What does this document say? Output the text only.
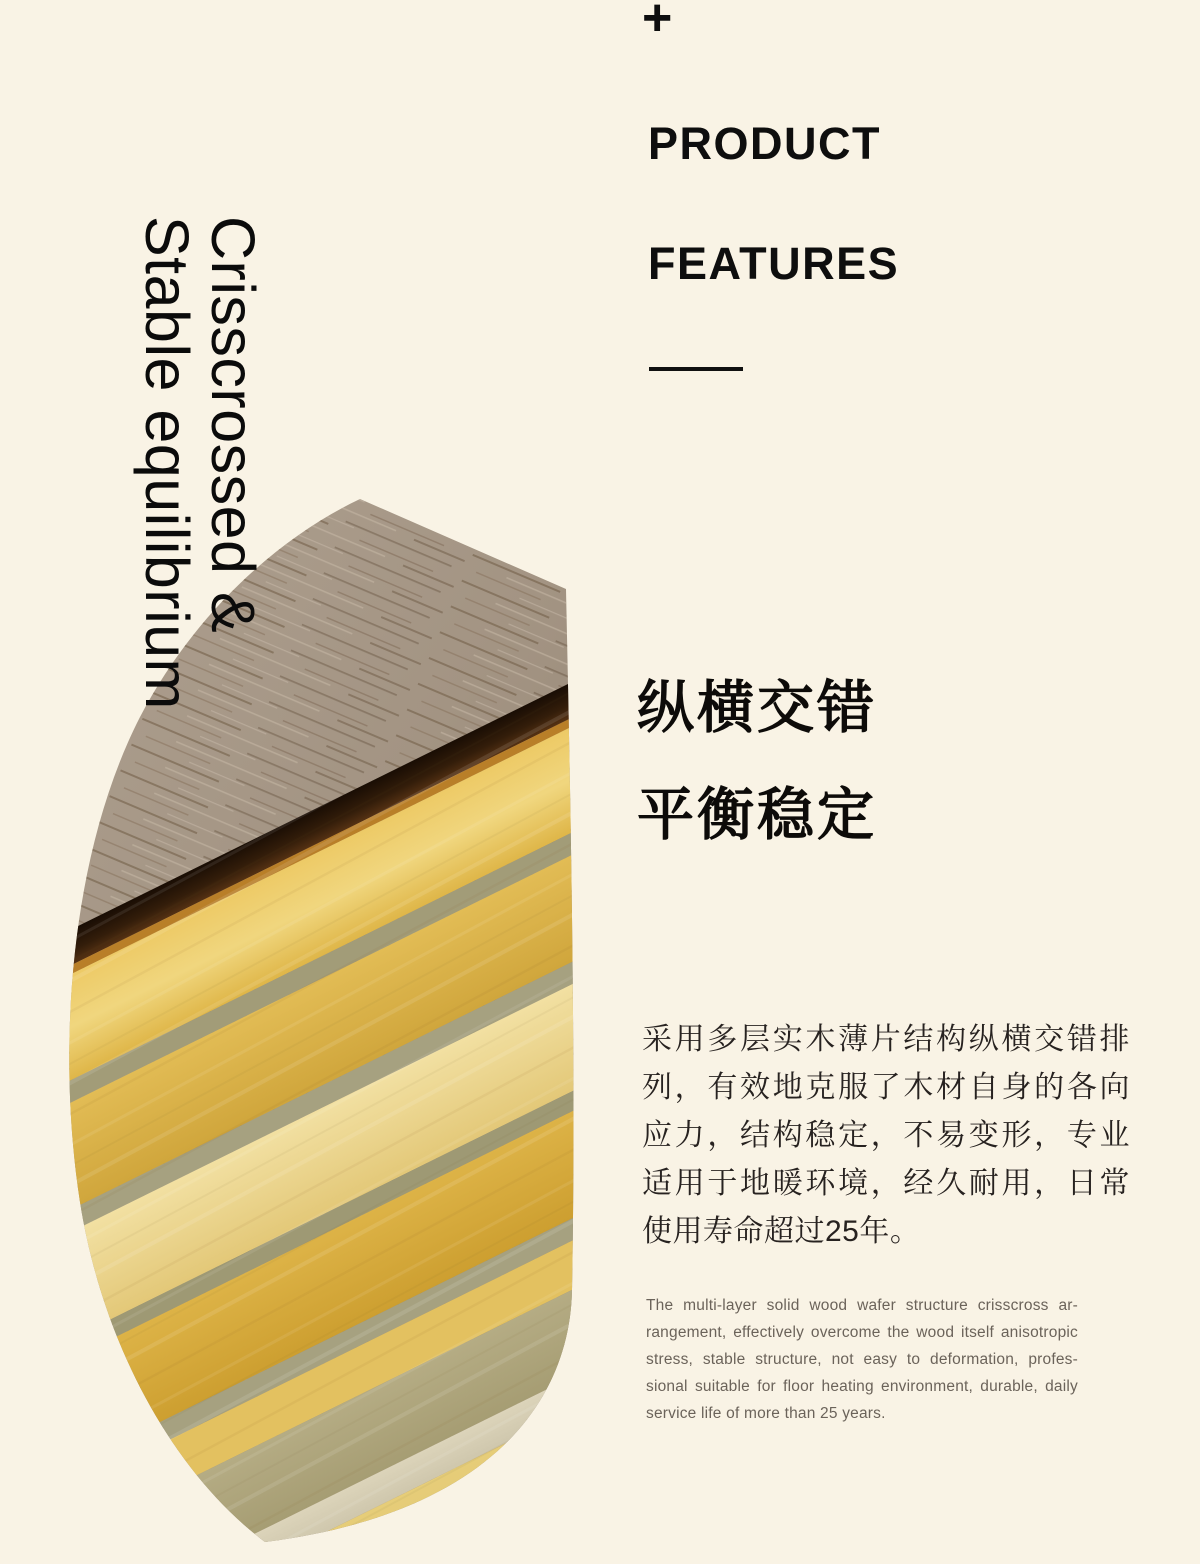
Crisscrossed &
Stable equilibrium
+
PRODUCT
FEATURES
纵横交错
平衡稳定
采用多层实木薄片结构纵横交错排
列，有效地克服了木材自身的各向
应力，结构稳定，不易变形，专业
适用于地暖环境，经久耐用，日常
使用寿命超过25年。
The multi-layer solid wood wafer structure crisscross ar-
rangement, effectively overcome the wood itself anisotropic
stress, stable structure, not easy to deformation, profes-
sional suitable for floor heating environment, durable, daily
service life of more than 25 years.
